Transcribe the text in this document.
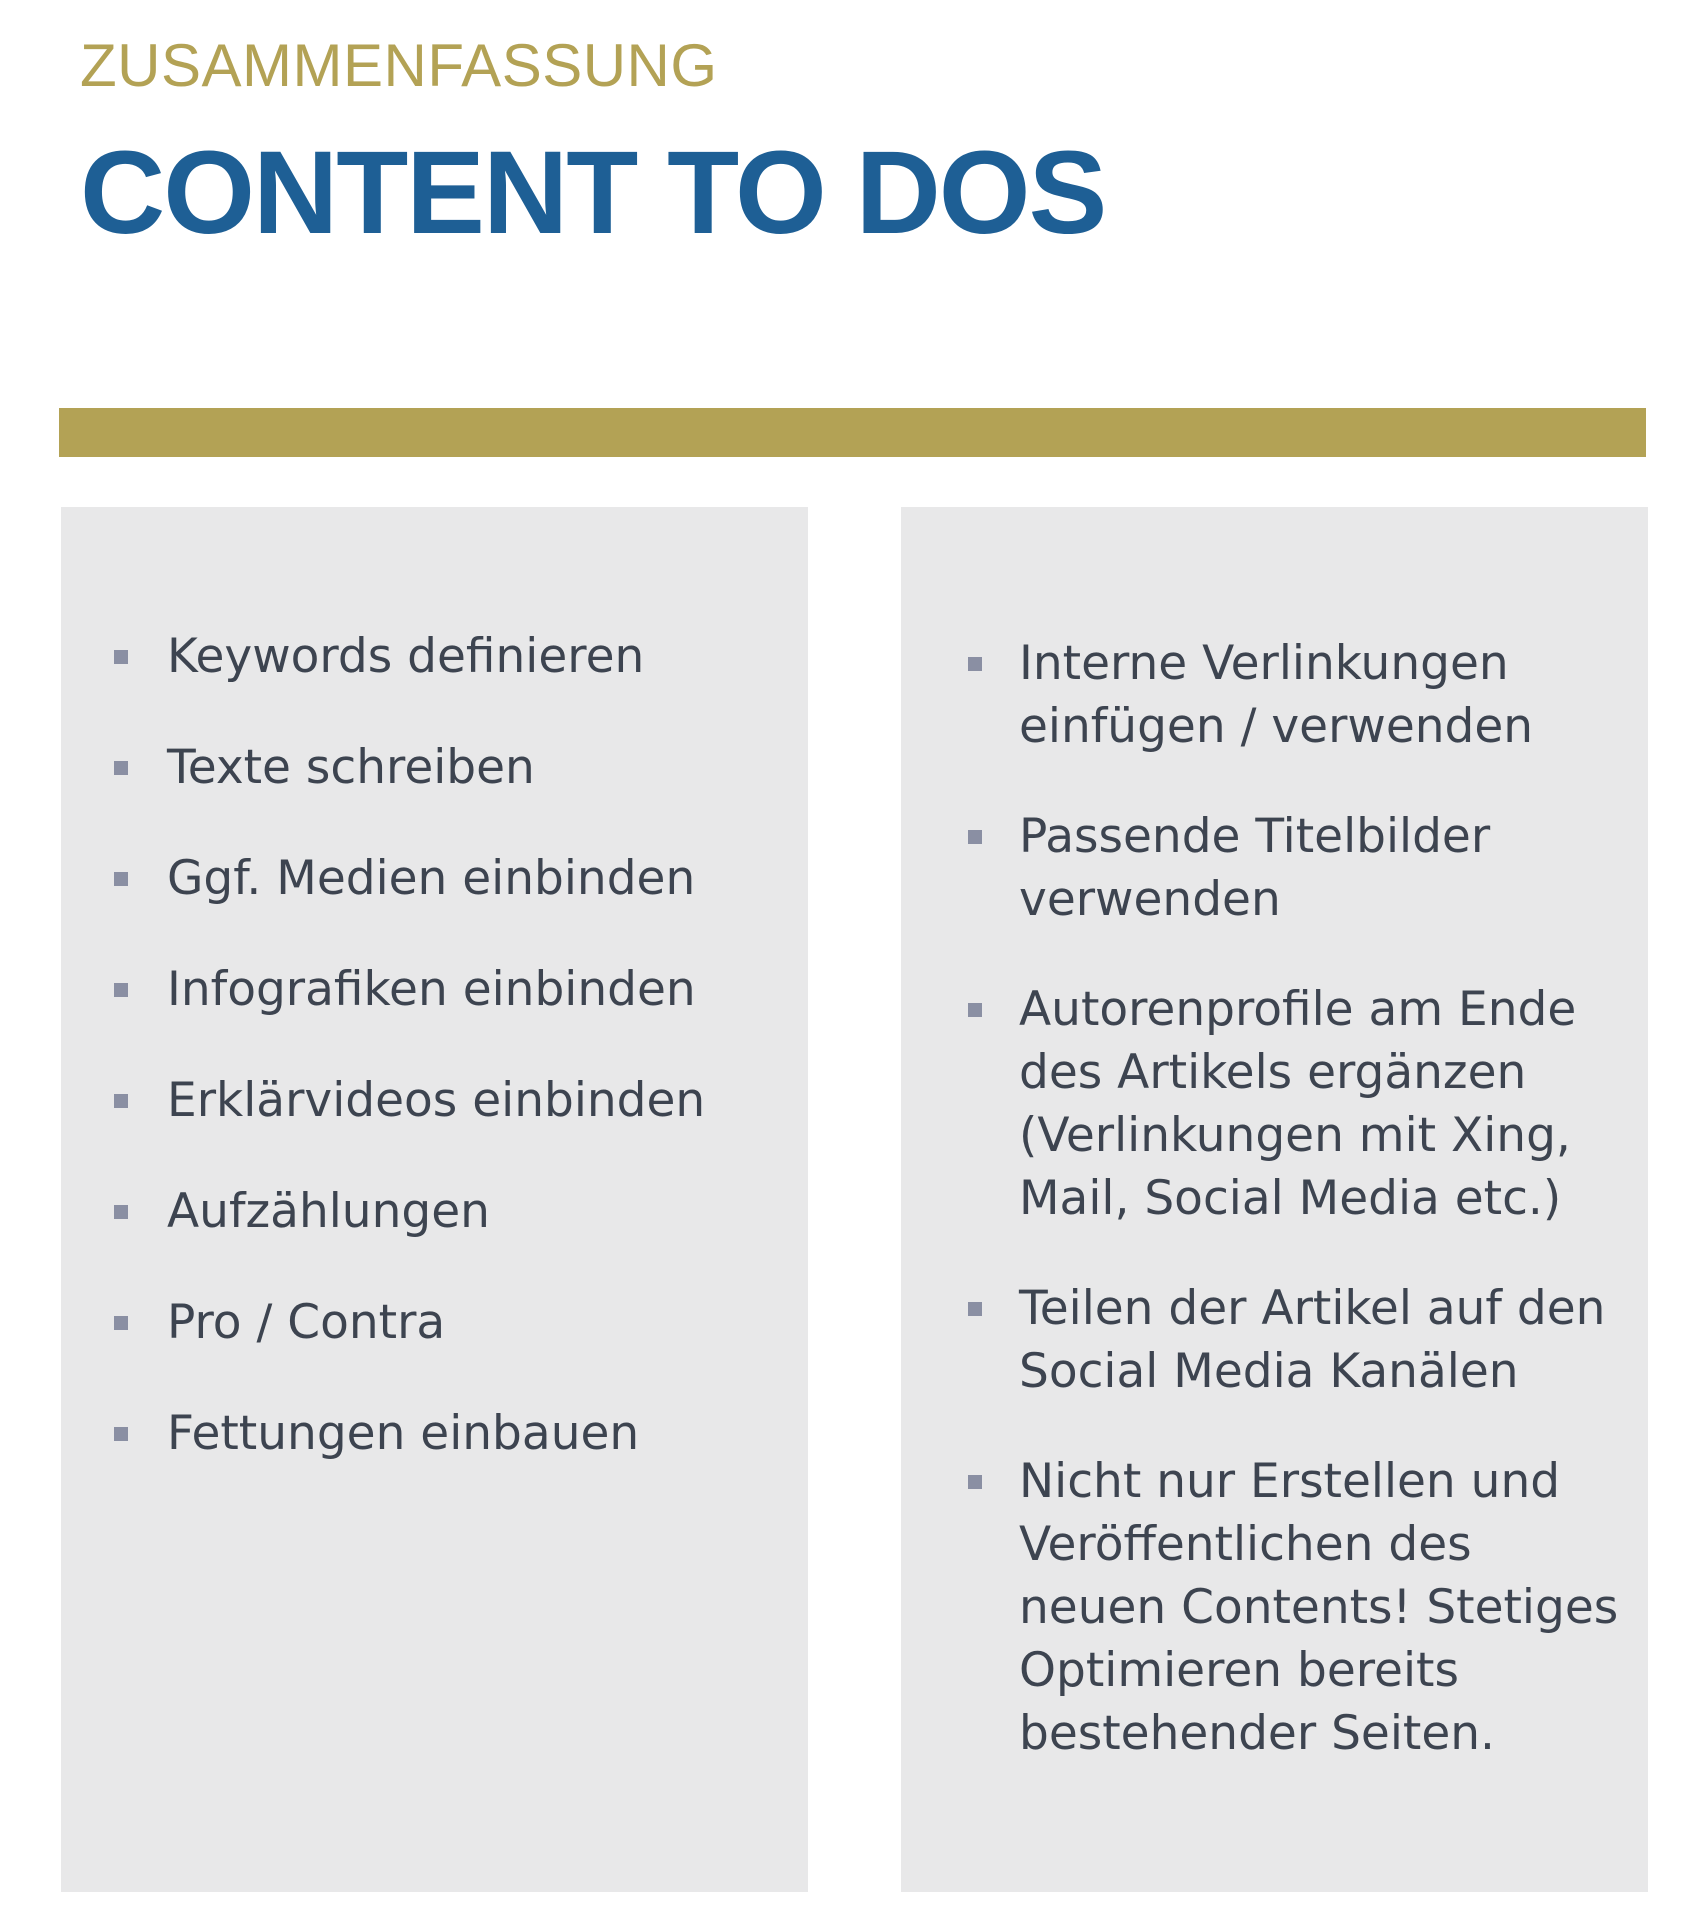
ZUSAMMENFASSUNG
CONTENT TO DOS
Keywords definieren
Texte schreiben
Ggf. Medien einbinden
Infografiken einbinden
Erklärvideos einbinden
Aufzählungen
Pro / Contra
Fettungen einbauen
Interne Verlinkungen einfügen / verwenden
Passende Titelbilder verwenden
Autorenprofile am Ende des Artikels ergänzen (Verlinkungen mit Xing, Mail, Social Media etc.)
Teilen der Artikel auf den Social Media Kanälen
Nicht nur Erstellen und Veröffentlichen des neuen Contents! Stetiges Optimieren bereits bestehender Seiten.
